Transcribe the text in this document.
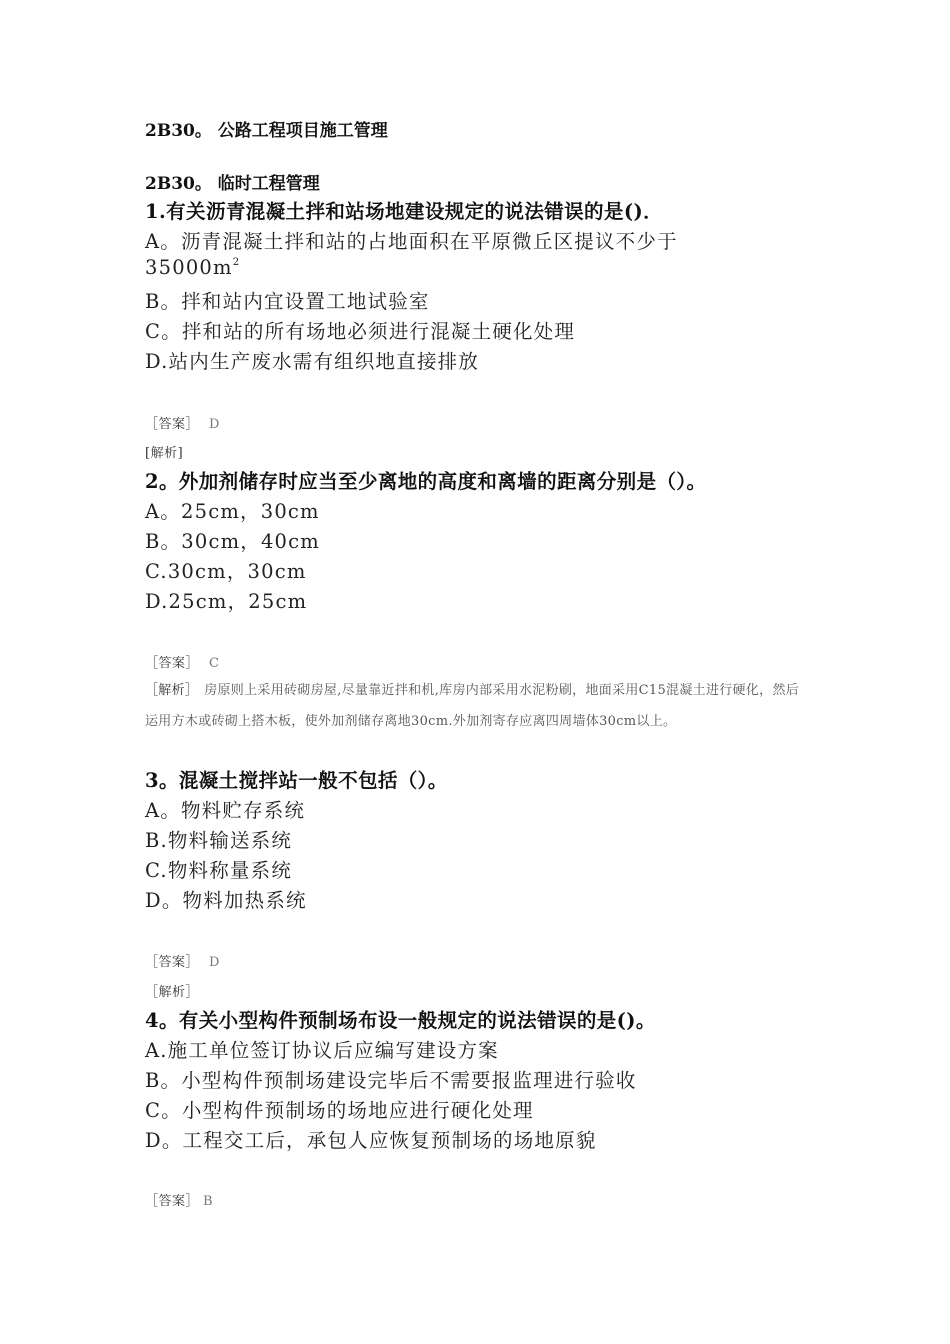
2B30。 公路工程项目施工管理
2B30。 临时工程管理
1.有关沥青混凝土拌和站场地建设规定的说法错误的是()．
A。沥青混凝土拌和站的占地面积在平原微丘区提议不少于
$35000m^2$
B。拌和站内宜设置工地试验室
C。拌和站的所有场地必须进行混凝土硬化处理
D.站内生产废水需有组织地直接排放
［答案］ D
[解析]
2。外加剂储存时应当至少离地的高度和离墙的距离分别是（）。
A。25cm，30cm
B。30cm，40cm
C.30cm，30cm
D.25cm，25cm
［答案］ C
［解析］ 房原则上采用砖砌房屋,尽量靠近拌和机,库房内部采用水泥粉刷，地面采用C15混凝土进行硬化，然后运用方木或砖砌上搭木板，使外加剂储存离地30cm.外加剂寄存应离四周墙体30cm以上。
3。混凝土搅拌站一般不包括（）。
A。物料贮存系统
B.物料输送系统
C.物料称量系统
D。物料加热系统
［答案］ D
［解析］
4。有关小型构件预制场布设一般规定的说法错误的是()。
A.施工单位签订协议后应编写建设方案
B。小型构件预制场建设完毕后不需要报监理进行验收
C。小型构件预制场的场地应进行硬化处理
D。工程交工后，承包人应恢复预制场的场地原貌
［答案］ B
